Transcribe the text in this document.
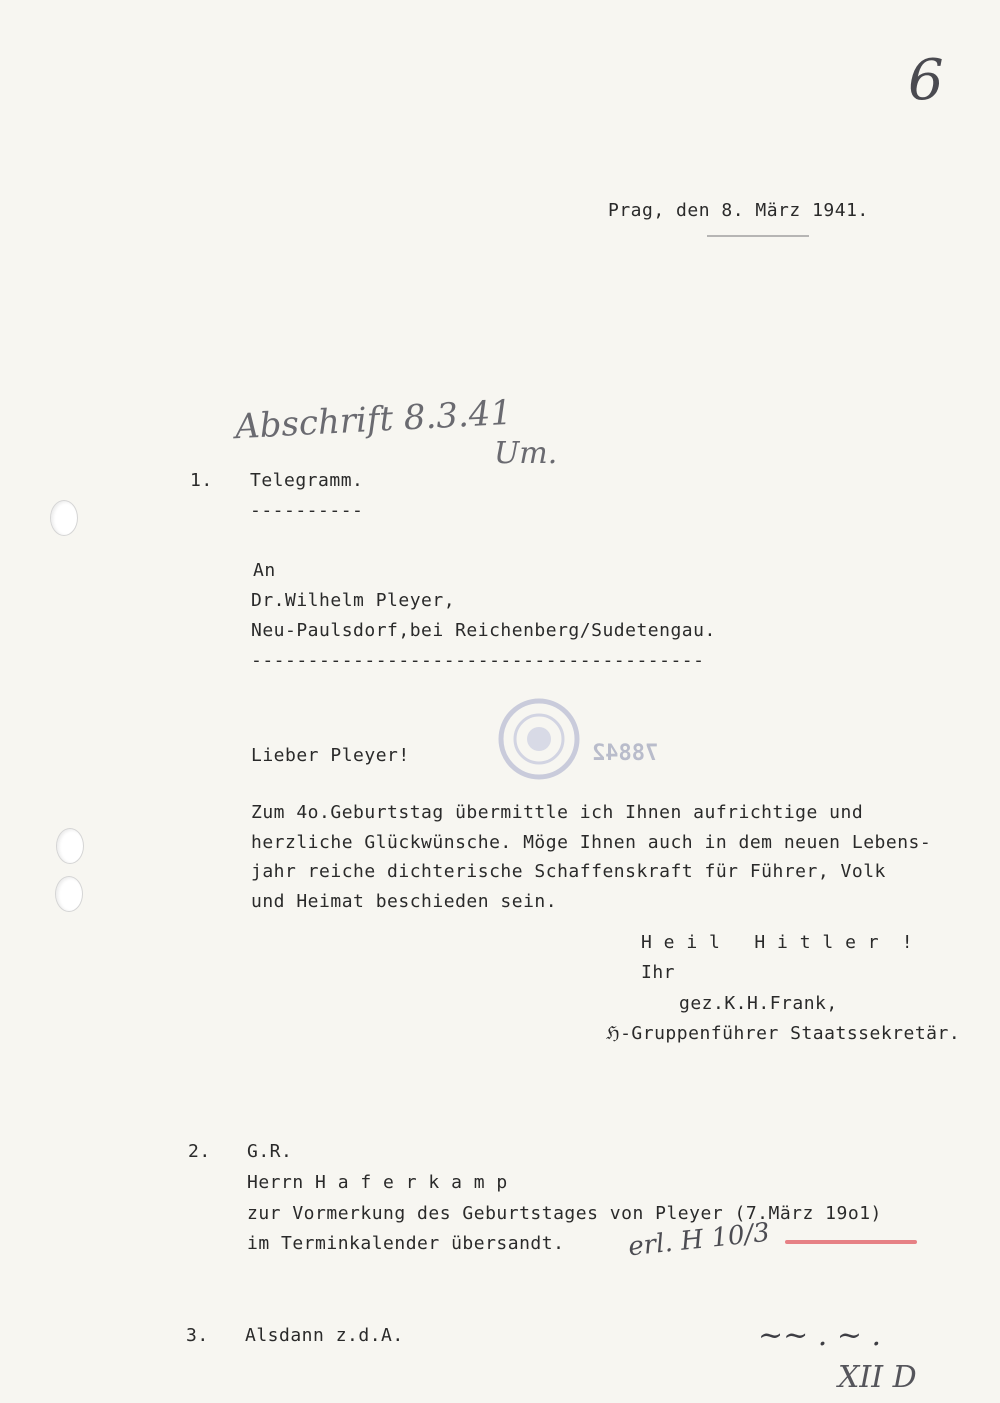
6
Prag, den 8. März 1941.
Abschrift 8.3.41
Um.
1. Telegramm.
----------
An
Dr.Wilhelm Pleyer,
Neu-Paulsdorf,bei Reichenberg/Sudetengau.
----------------------------------------
78842
Lieber Pleyer!
Zum 4o.Geburtstag übermittle ich Ihnen aufrichtige und
herzliche Glückwünsche. Möge Ihnen auch in dem neuen Lebens-
jahr reiche dichterische Schaffenskraft für Führer, Volk
und Heimat beschieden sein.
H e i l   H i t l e r  !
Ihr
gez.K.H.Frank,
ℌ-Gruppenführer Staatssekretär.
2. G.R.
Herrn H a f e r k a m p
zur Vormerkung des Geburtstages von Pleyer (7.März 19o1)
im Terminkalender übersandt. erl. H 10/3
3. Alsdann z.d.A.	~~ . ~ .
XII D
